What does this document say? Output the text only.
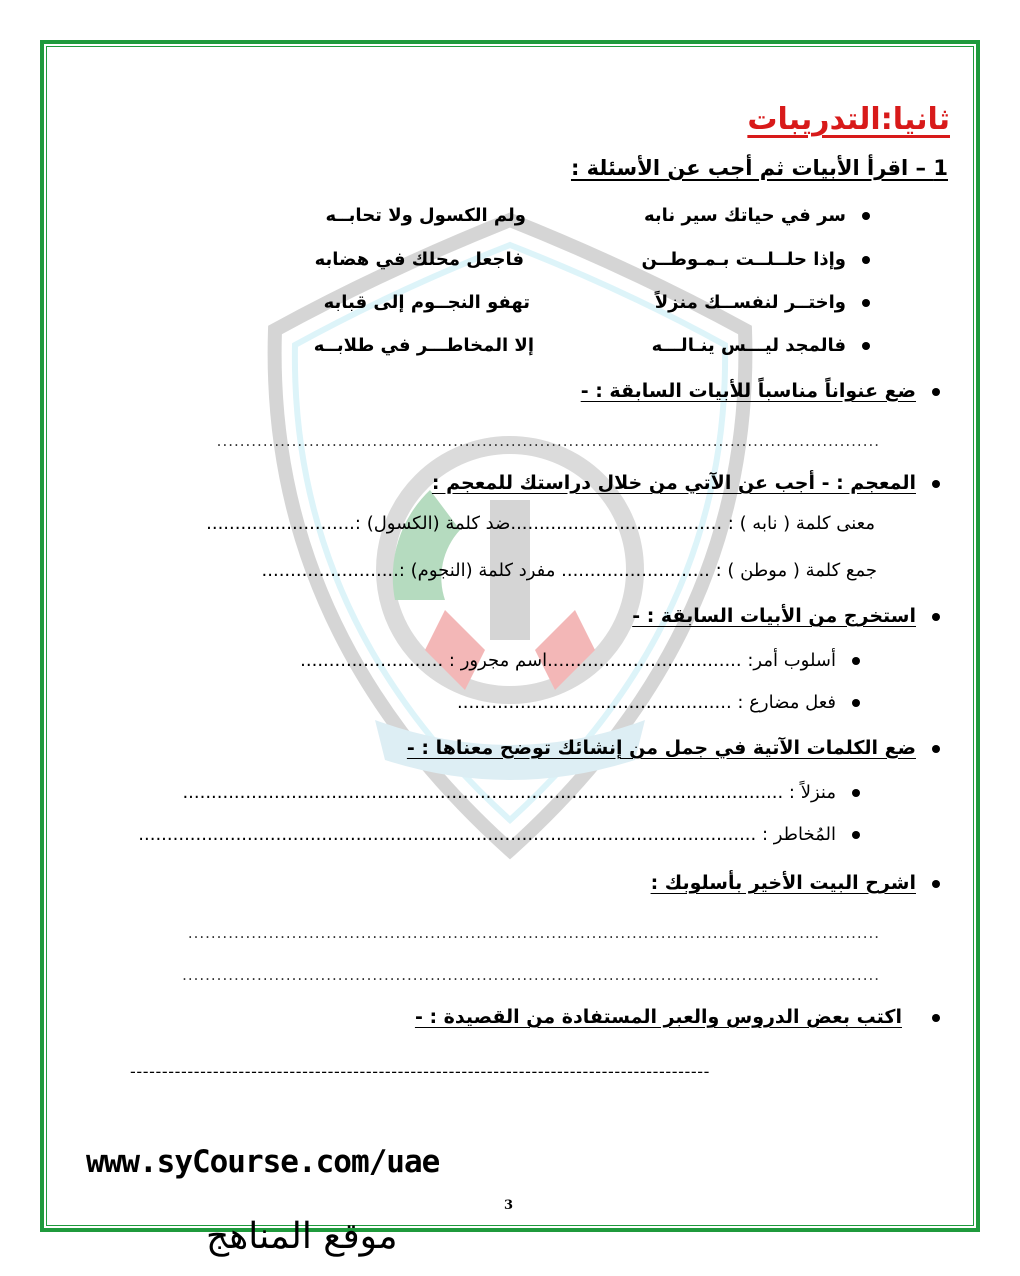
ثانيا:التدريبات
1 – اقرأ الأبيات ثم أجب عن الأسئلة :
سر في حياتك سير نابه
ولم الكسول ولا تحابــه
وإذا حلــلــت بـمـوطــن
فاجعل محلك في هضابه
واختــر لنفســك منزلاً
تهفو النجــوم إلى قبابه
فالمجد ليـــس ينـالـــه
إلا المخاطـــر في طلابــه
ضع عنواناً مناسباً للأبيات السابقة : -
...................................................................................................................
المعجم : - أجب عن الآتي من خلال دراستك للمعجم :
معنى كلمة ( نابه ) : .....................................ضد كلمة (الكسول) :..........................
جمع كلمة ( موطن ) : .......................... مفرد كلمة (النجوم) :........................
استخرج من الأبيات السابقة : -
أسلوب أمر: ..................................اسم مجرور : .........................
فعل مضارع : ................................................
ضع الكلمات الآتية في جمل من إنشائك توضح معناها : -
منزلاً : .........................................................................................................
المُخاطر : ............................................................................................................
اشرح البيت الأخير بأسلوبك :
........................................................................................................................
.........................................................................................................................
اكتب بعض الدروس والعبر المستفادة من القصيدة : -
-------------------------------------------------------------------------------------------
www.syCourse.com/uae
3
موقع المناهج
